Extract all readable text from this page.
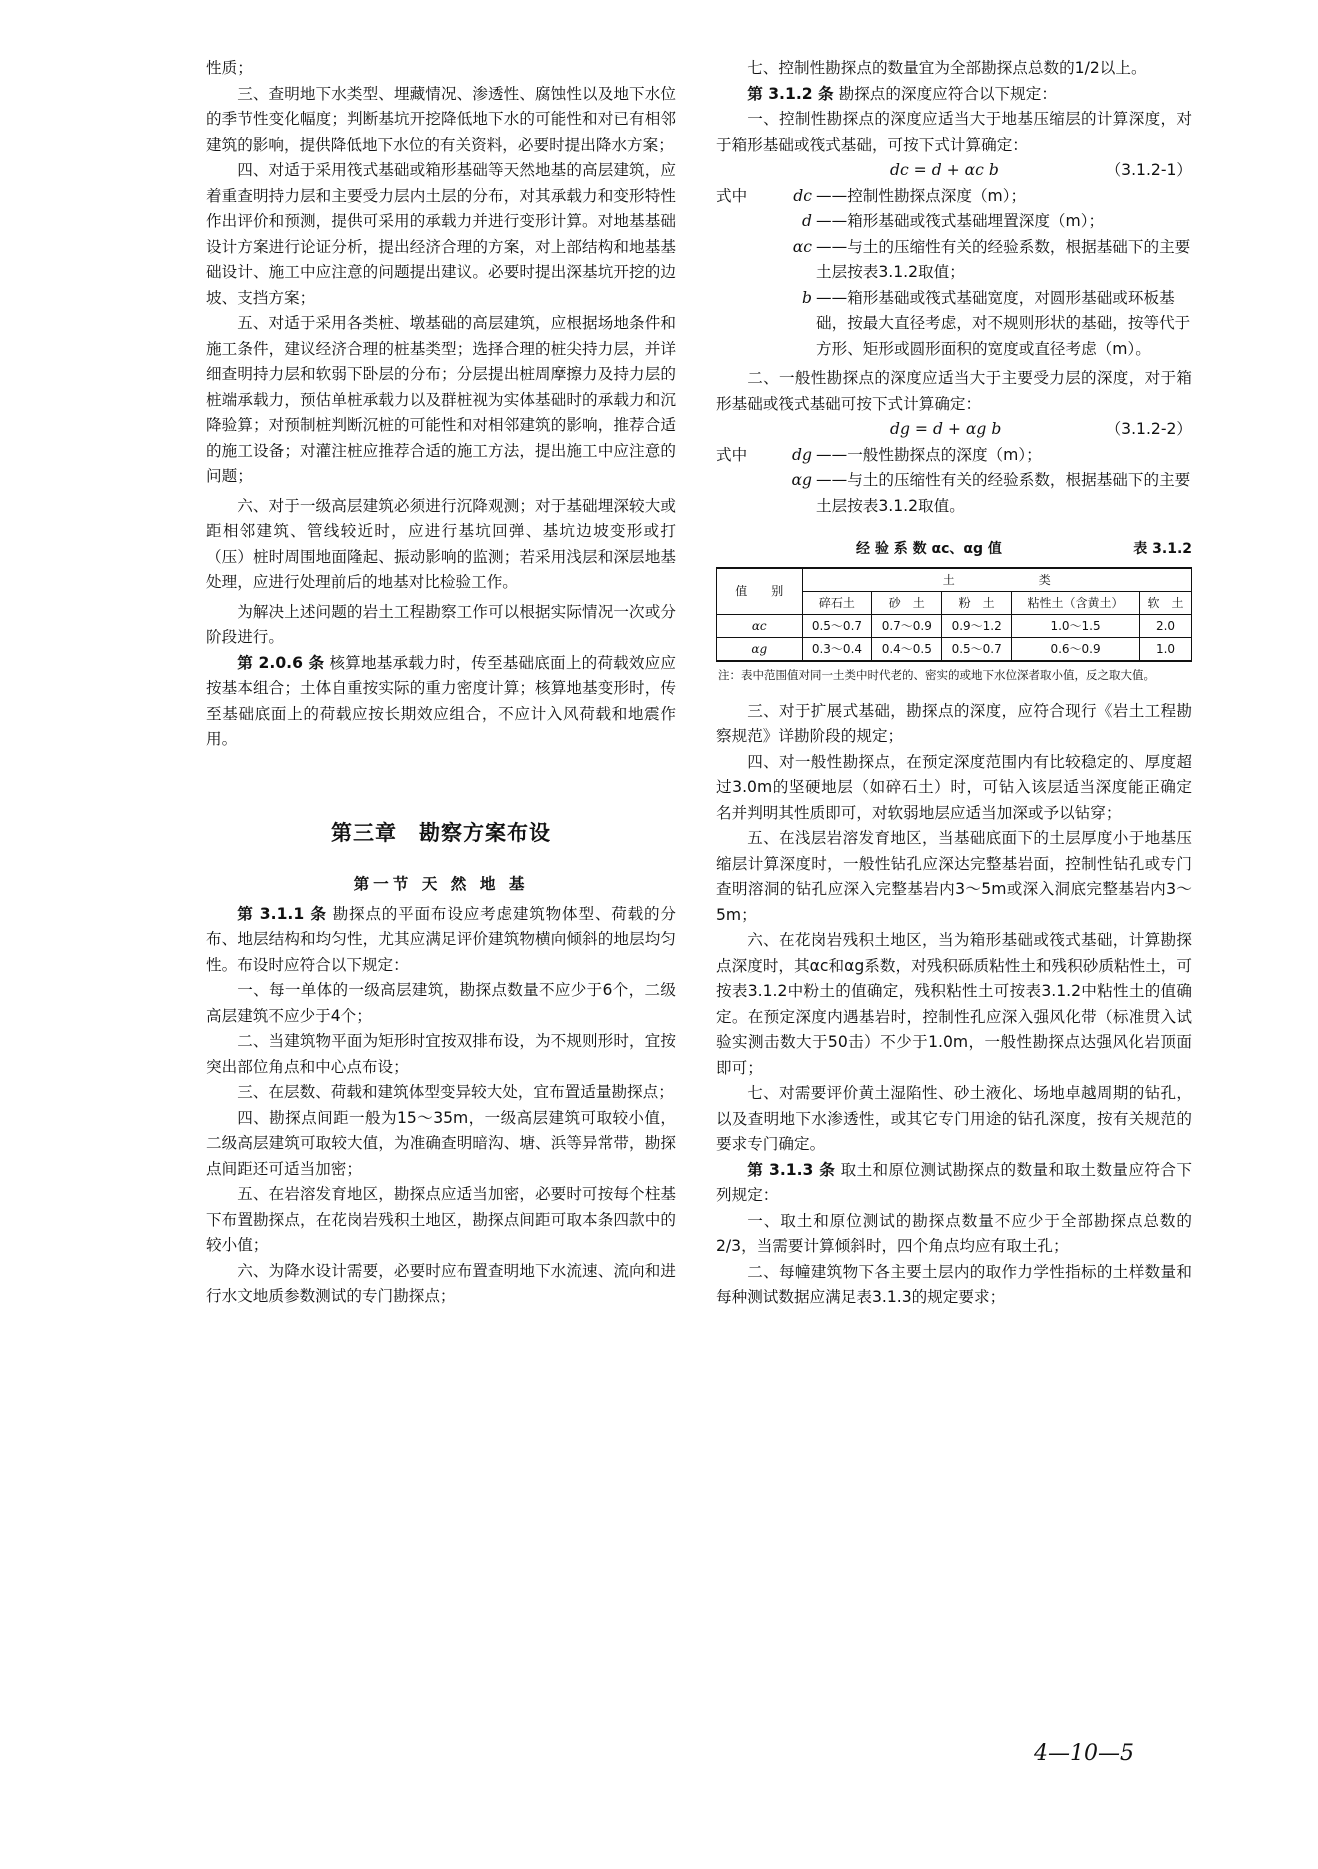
性质；

三、查明地下水类型、埋藏情况、渗透性、腐蚀性以及地下水位的季节性变化幅度；判断基坑开挖降低地下水的可能性和对已有相邻建筑的影响，提供降低地下水位的有关资料，必要时提出降水方案；

四、对适于采用筏式基础或箱形基础等天然地基的高层建筑，应着重查明持力层和主要受力层内土层的分布，对其承载力和变形特性作出评价和预测，提供可采用的承载力并进行变形计算。对地基基础设计方案进行论证分析，提出经济合理的方案，对上部结构和地基基础设计、施工中应注意的问题提出建议。必要时提出深基坑开挖的边坡、支挡方案；

五、对适于采用各类桩、墩基础的高层建筑，应根据场地条件和施工条件，建议经济合理的桩基类型；选择合理的桩尖持力层，并详细查明持力层和软弱下卧层的分布；分层提出桩周摩擦力及持力层的桩端承载力，预估单桩承载力以及群桩视为实体基础时的承载力和沉降验算；对预制桩判断沉桩的可能性和对相邻建筑的影响，推荐合适的施工设备；对灌注桩应推荐合适的施工方法，提出施工中应注意的问题；

六、对于一级高层建筑必须进行沉降观测；对于基础埋深较大或距相邻建筑、管线较近时，应进行基坑回弹、基坑边坡变形或打（压）桩时周围地面隆起、振动影响的监测；若采用浅层和深层地基处理，应进行处理前后的地基对比检验工作。

为解决上述问题的岩土工程勘察工作可以根据实际情况一次或分阶段进行。

第 2.0.6 条 核算地基承载力时，传至基础底面上的荷载效应应按基本组合；土体自重按实际的重力密度计算；核算地基变形时，传至基础底面上的荷载应按长期效应组合，不应计入风荷载和地震作用。

第三章　勘察方案布设
第一节 天 然 地 基

第 3.1.1 条 勘探点的平面布设应考虑建筑物体型、荷载的分布、地层结构和均匀性，尤其应满足评价建筑物横向倾斜的地层均匀性。布设时应符合以下规定：

一、每一单体的一级高层建筑，勘探点数量不应少于6个，二级高层建筑不应少于4个；

二、当建筑物平面为矩形时宜按双排布设，为不规则形时，宜按突出部位角点和中心点布设；

三、在层数、荷载和建筑体型变异较大处，宜布置适量勘探点；

四、勘探点间距一般为15～35m，一级高层建筑可取较小值，二级高层建筑可取较大值，为准确查明暗沟、塘、浜等异常带，勘探点间距还可适当加密；

五、在岩溶发育地区，勘探点应适当加密，必要时可按每个柱基下布置勘探点，在花岗岩残积土地区，勘探点间距可取本条四款中的较小值；

六、为降水设计需要，必要时应布置查明地下水流速、流向和进行水文地质参数测试的专门勘探点；

七、控制性勘探点的数量宜为全部勘探点总数的1/2以上。

第 3.1.2 条 勘探点的深度应符合以下规定：

一、控制性勘探点的深度应适当大于地基压缩层的计算深度，对于箱形基础或筏式基础，可按下式计算确定：

dc = d + αc b	（3.1.2-1）
式中	dc ——控制性勘探点深度（m）；
d ——箱形基础或筏式基础埋置深度（m）；
αc ——与土的压缩性有关的经验系数，根据基础下的主要土层按表3.1.2取值；
b ——箱形基础或筏式基础宽度，对圆形基础或环板基础，按最大直径考虑，对不规则形状的基础，按等代于方形、矩形或圆形面积的宽度或直径考虑（m）。

二、一般性勘探点的深度应适当大于主要受力层的深度，对于箱形基础或筏式基础可按下式计算确定：

dg = d + αg b	（3.1.2-2）
式中	dg ——一般性勘探点的深度（m）；
αg ——与土的压缩性有关的经验系数，根据基础下的主要土层按表3.1.2取值。
经 验 系 数 αc、αg 值	表 3.1.2
值　　别	土　　　　　　　类				
	碎石土	砂　土	粉　土	粘性土（含黄土）	软　土
αc	0.5～0.7	0.7～0.9	0.9～1.2	1.0～1.5	2.0
αg	0.3～0.4	0.4～0.5	0.5～0.7	0.6～0.9	1.0
注：表中范围值对同一土类中时代老的、密实的或地下水位深者取小值，反之取大值。

三、对于扩展式基础，勘探点的深度，应符合现行《岩土工程勘察规范》详勘阶段的规定；

四、对一般性勘探点，在预定深度范围内有比较稳定的、厚度超过3.0m的坚硬地层（如碎石土）时，可钻入该层适当深度能正确定名并判明其性质即可，对软弱地层应适当加深或予以钻穿；

五、在浅层岩溶发育地区，当基础底面下的土层厚度小于地基压缩层计算深度时，一般性钻孔应深达完整基岩面，控制性钻孔或专门查明溶洞的钻孔应深入完整基岩内3～5m或深入洞底完整基岩内3～5m；

六、在花岗岩残积土地区，当为箱形基础或筏式基础，计算勘探点深度时，其αc和αg系数，对残积砾质粘性土和残积砂质粘性土，可按表3.1.2中粉土的值确定，残积粘性土可按表3.1.2中粘性土的值确定。在预定深度内遇基岩时，控制性孔应深入强风化带（标准贯入试验实测击数大于50击）不少于1.0m，一般性勘探点达强风化岩顶面即可；

七、对需要评价黄土湿陷性、砂土液化、场地卓越周期的钻孔，以及查明地下水渗透性，或其它专门用途的钻孔深度，按有关规范的要求专门确定。

第 3.1.3 条 取土和原位测试勘探点的数量和取土数量应符合下列规定：

一、取土和原位测试的勘探点数量不应少于全部勘探点总数的2/3，当需要计算倾斜时，四个角点均应有取土孔；

二、每幢建筑物下各主要土层内的取作力学性指标的土样数量和每种测试数据应满足表3.1.3的规定要求；

4—10—5
